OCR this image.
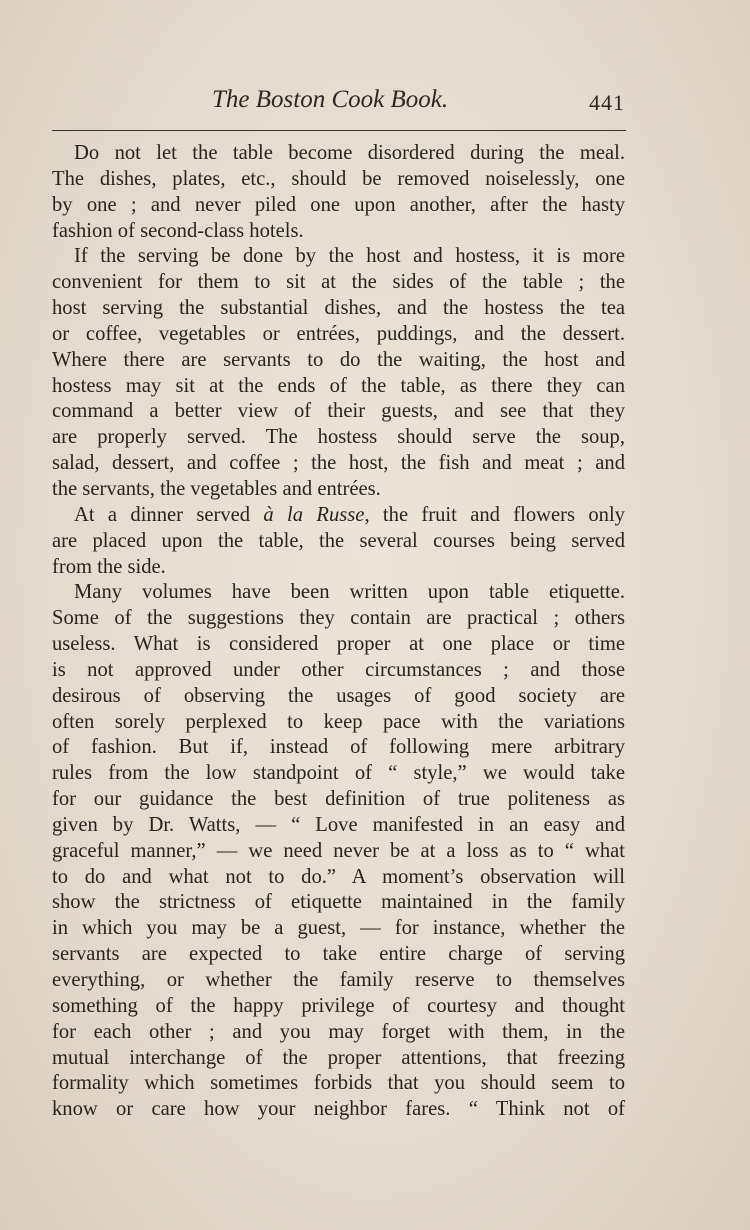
The Boston Cook Book.	441
Do not let the table become disordered during the meal.
The dishes, plates, etc., should be removed noiselessly, one
by one ; and never piled one upon another, after the hasty
fashion of second-class hotels.
If the serving be done by the host and hostess, it is more
convenient for them to sit at the sides of the table ; the
host serving the substantial dishes, and the hostess the tea
or coffee, vegetables or entrées, puddings, and the dessert.
Where there are servants to do the waiting, the host and
hostess may sit at the ends of the table, as there they can
command a better view of their guests, and see that they
are properly served. The hostess should serve the soup,
salad, dessert, and coffee ; the host, the fish and meat ; and
the servants, the vegetables and entrées.
At a dinner served à la Russe, the fruit and flowers only
are placed upon the table, the several courses being served
from the side.
Many volumes have been written upon table etiquette.
Some of the suggestions they contain are practical ; others
useless. What is considered proper at one place or time
is not approved under other circumstances ; and those
desirous of observing the usages of good society are
often sorely perplexed to keep pace with the variations
of fashion. But if, instead of following mere arbitrary
rules from the low standpoint of “ style,” we would take
for our guidance the best definition of true politeness as
given by Dr. Watts, — “ Love manifested in an easy and
graceful manner,” — we need never be at a loss as to “ what
to do and what not to do.” A moment’s observation will
show the strictness of etiquette maintained in the family
in which you may be a guest, — for instance, whether the
servants are expected to take entire charge of serving
everything, or whether the family reserve to themselves
something of the happy privilege of courtesy and thought
for each other ; and you may forget with them, in the
mutual interchange of the proper attentions, that freezing
formality which sometimes forbids that you should seem to
know or care how your neighbor fares. “ Think not of
